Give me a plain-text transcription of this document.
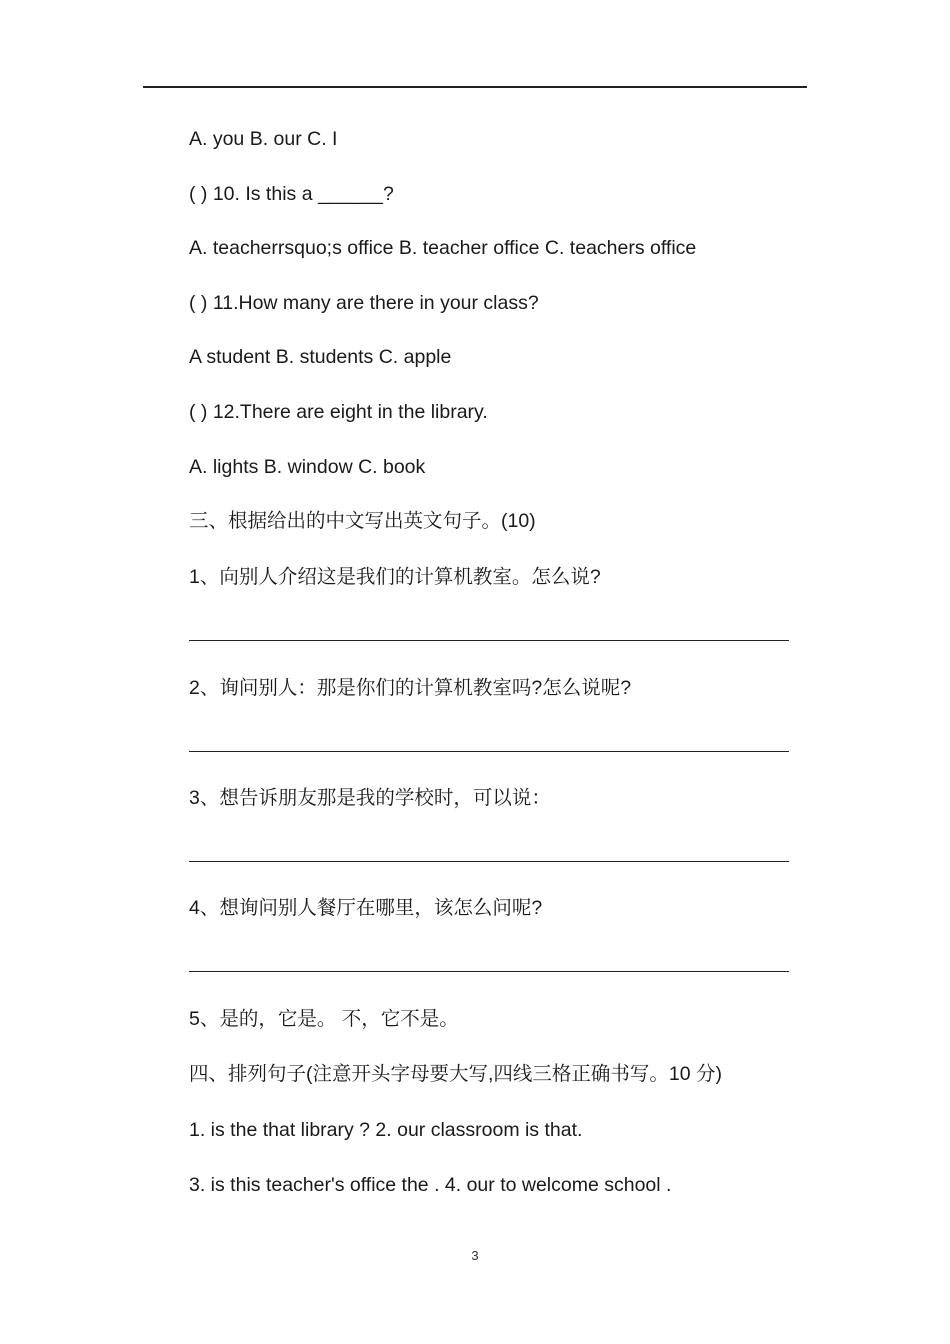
A. you B. our C. I
( ) 10. Is this a ______?
A. teacherrsquo;s office B. teacher office C. teachers office
( ) 11.How many are there in your class?
A student B. students C. apple
( ) 12.There are eight in the library.
A. lights B. window C. book
三、根据给出的中文写出英文句子。(10)
1、向别人介绍这是我们的计算机教室。怎么说?
2、询问别人：那是你们的计算机教室吗?怎么说呢?
3、想告诉朋友那是我的学校时，可以说：
4、想询问别人餐厅在哪里，该怎么问呢?
5、是的，它是。 不，它不是。
四、排列句子(注意开头字母要大写,四线三格正确书写。10 分)
1. is the that library ? 2. our classroom is that.
3. is this teacher's office the . 4. our to welcome school .
3
